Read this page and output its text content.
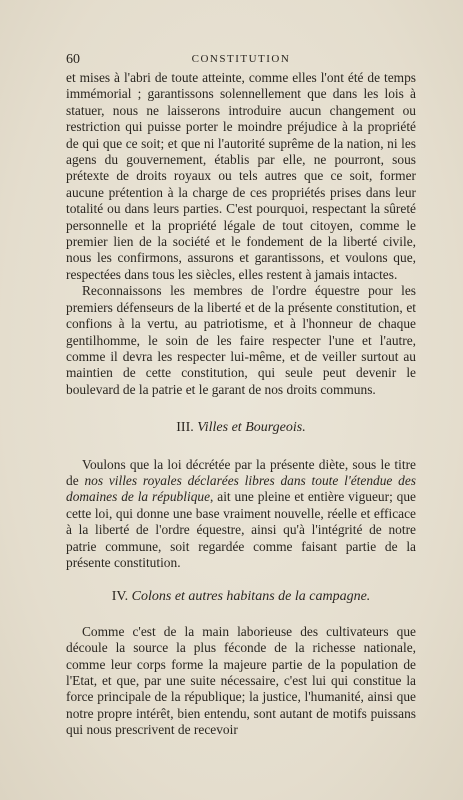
60	CONSTITUTION

et mises à l'abri de toute atteinte, comme elles l'ont été de temps immémorial ; garantissons solennellement que dans les lois à statuer, nous ne laisserons introduire aucun changement ou restriction qui puisse porter le moindre préjudice à la propriété de qui que ce soit; et que ni l'autorité suprême de la nation, ni les agens du gouvernement, établis par elle, ne pourront, sous prétexte de droits royaux ou tels autres que ce soit, former aucune prétention à la charge de ces propriétés prises dans leur totalité ou dans leurs parties. C'est pourquoi, respectant la sûreté personnelle et la propriété légale de tout citoyen, comme le premier lien de la société et le fondement de la liberté civile, nous les confirmons, assurons et garantissons, et voulons que, respectées dans tous les siècles, elles restent à jamais intactes.

Reconnaissons les membres de l'ordre équestre pour les premiers défenseurs de la liberté et de la présente constitution, et confions à la vertu, au patriotisme, et à l'honneur de chaque gentilhomme, le soin de les faire respecter l'une et l'autre, comme il devra les respecter lui-même, et de veiller surtout au maintien de cette constitution, qui seule peut devenir le boulevard de la patrie et le garant de nos droits communs.

III. Villes et Bourgeois.

Voulons que la loi décrétée par la présente diète, sous le titre de nos villes royales déclarées libres dans toute l'étendue des domaines de la république, ait une pleine et entière vigueur; que cette loi, qui donne une base vraiment nouvelle, réelle et efficace à la liberté de l'ordre équestre, ainsi qu'à l'intégrité de notre patrie commune, soit regardée comme faisant partie de la présente constitution.

IV. Colons et autres habitans de la campagne.

Comme c'est de la main laborieuse des cultivateurs que découle la source la plus féconde de la richesse nationale, comme leur corps forme la majeure partie de la population de l'Etat, et que, par une suite nécessaire, c'est lui qui constitue la force principale de la république; la justice, l'humanité, ainsi que notre propre intérêt, bien entendu, sont autant de motifs puissans qui nous prescrivent de recevoir
